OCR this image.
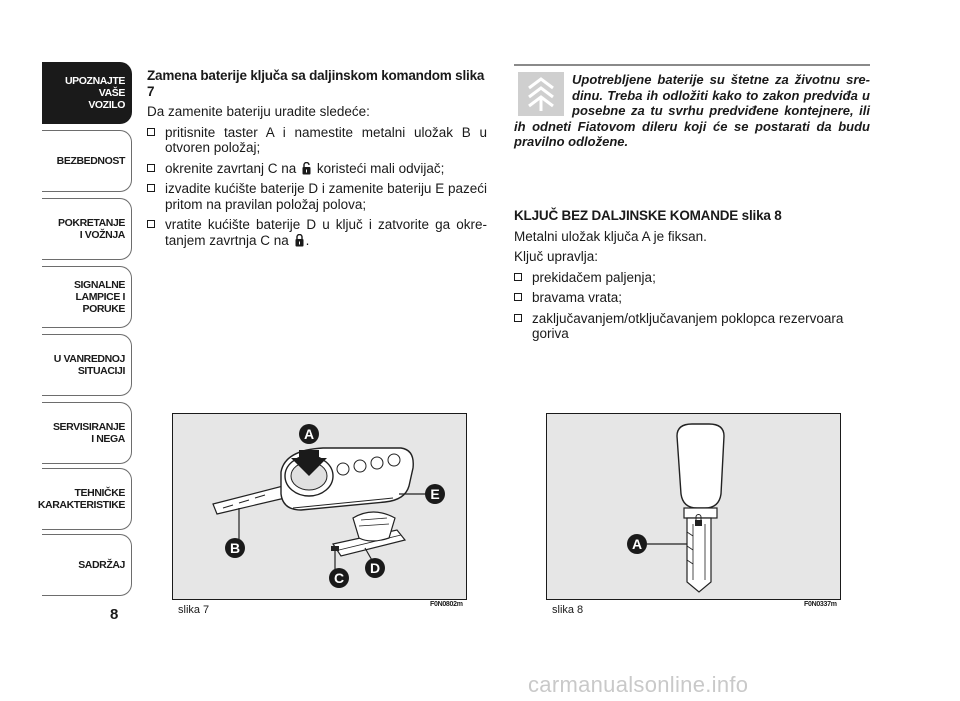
UPOZNAJTE
VAŠE
VOZILO
BEZBEDNOST
POKRETANJE
I VOŽNJA
SIGNALNE
LAMPICE I PORUKE
U VANREDNOJ
SITUACIJI
SERVISIRANJE
I NEGA
TEHNIČKE
KARAKTERISTIKE
SADRŽAJ
8

Zamena baterije ključa sa daljinskom komandom slika 7

Da zamenite bateriju uradite sledeće:

pritisnite taster A i namestite metalni uložak B u otvoren položaj;
okrenite zavrtanj C na  koristeći mali odvijač;
izvadite kućište baterije D i zamenite bateriju E pazeći pritom na pravilan položaj polova;
vratite kućište baterije D u ključ i zatvorite ga okre-tanjem zavrtnja C na .

Upotrebljene baterije su štetne za životnu sre-dinu. Treba ih odložiti kako to zakon predviđa u posebne za tu svrhu predviđene kontejnere, ili ih odneti Fiatovom dileru koji će se postarati da budu pravilno odložene.

KLJUČ BEZ DALJINSKE KOMANDE slika 8

Metalni uložak ključa A je fiksan.

Ključ upravlja:

prekidačem paljenja;
bravama vrata;
zaključavanjem/otključavanjem poklopca rezervoara goriva
A
B
C
D
E
slika 7	F0N0802m
A
slika 8	F0N0337m
carmanualsonline.info
